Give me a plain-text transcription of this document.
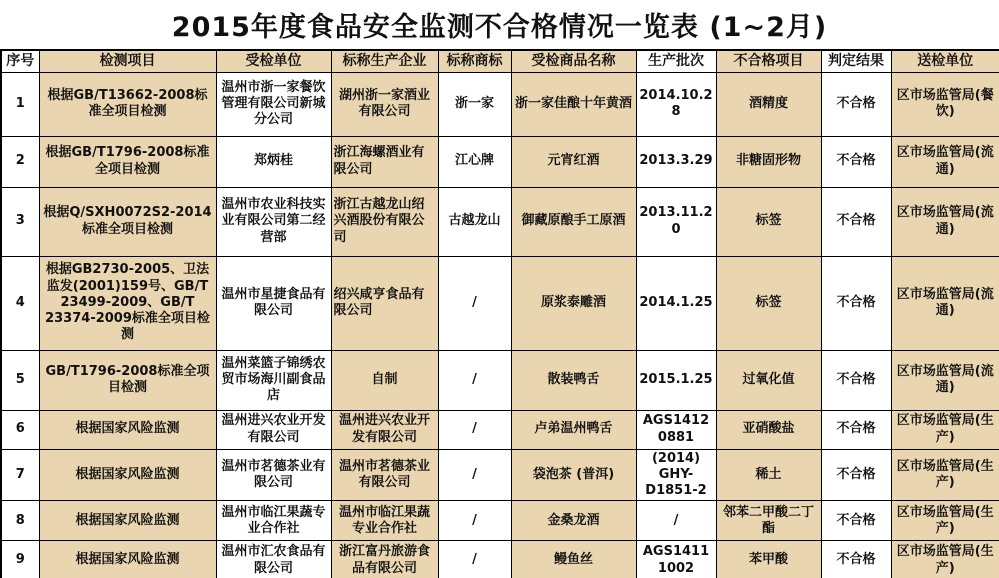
2015年度食品安全监测不合格情况一览表 (1~2月)
序号	检测项目	受检单位	标称生产企业	标称商标	受检商品名称	生产批次	不合格项目	判定结果	送检单位
1	根据GB/T13662-2008标准全项目检测	温州市浙一家餐饮管理有限公司新城分公司	湖州浙一家酒业有限公司	浙一家	浙一家佳酿十年黄酒	2014.10.28	酒精度	不合格	区市场监管局(餐饮)
2	根据GB/T1796-2008标准全项目检测	郑炳桂	浙江海螺酒业有限公司	江心牌	元宵红酒	2013.3.29	非糖固形物	不合格	区市场监管局(流通)
3	根据Q/SXH0072S2-2014标准全项目检测	温州市农业科技实业有限公司第二经营部	浙江古越龙山绍兴酒股份有限公司	古越龙山	御藏原酿手工原酒	2013.11.20	标签	不合格	区市场监管局(流通)
4	根据GB2730-2005、卫法监发(2001)159号、GB/T 23499-2009、GB/T 23374-2009标准全项目检测	温州市星捷食品有限公司	绍兴咸亨食品有限公司	/	原浆泰雕酒	2014.1.25	标签	不合格	区市场监管局(流通)
5	GB/T1796-2008标准全项目检测	温州菜篮子锦绣农贸市场海川副食品店	自制	/	散装鸭舌	2015.1.25	过氧化值	不合格	区市场监管局(流通)
6	根据国家风险监测	温州进兴农业开发有限公司	温州进兴农业开发有限公司	/	卢弟温州鸭舌	AGS14120881	亚硝酸盐	不合格	区市场监管局(生产)
7	根据国家风险监测	温州市茗德茶业有限公司	温州市茗德茶业有限公司	/	袋泡茶 (普洱)	(2014) GHY-D1851-2	稀土	不合格	区市场监管局(生产)
8	根据国家风险监测	温州市临江果蔬专业合作社	温州市临江果蔬专业合作社	/	金桑龙酒	/	邻苯二甲酸二丁酯	不合格	区市场监管局(生产)
9	根据国家风险监测	温州市汇农食品有限公司	浙江富丹旅游食品有限公司	/	鳗鱼丝	AGS14111002	苯甲酸	不合格	区市场监管局(生产)
